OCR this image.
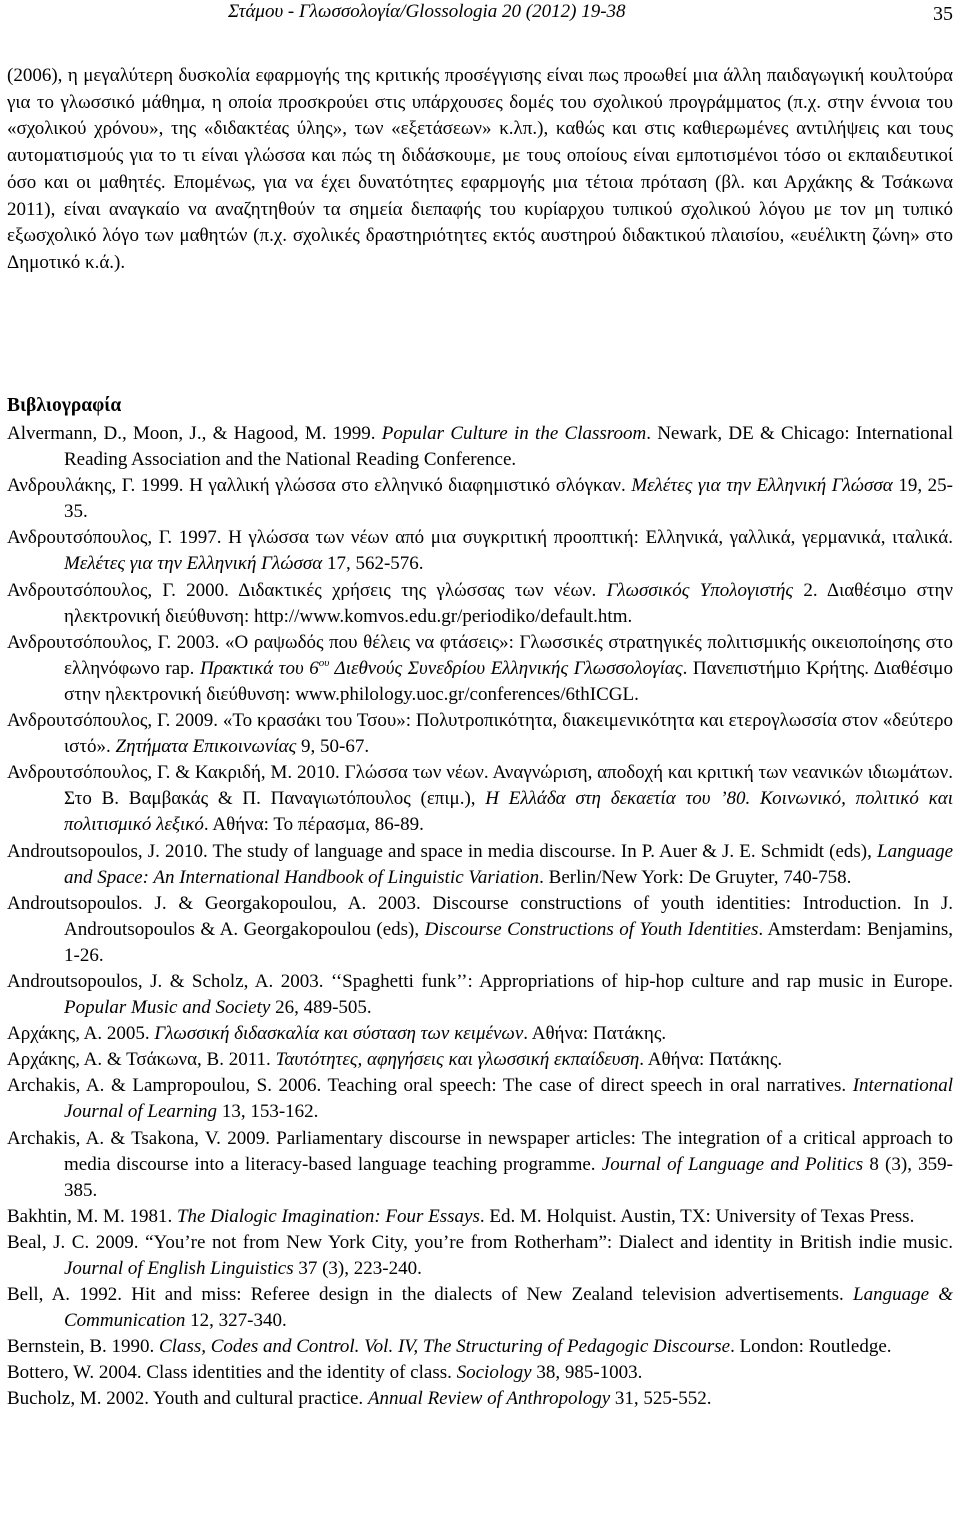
Στάμου - Γλωσσολογία/Glossologia 20 (2012) 19-38	35

(2006), η μεγαλύτερη δυσκολία εφαρμογής της κριτικής προσέγγισης είναι πως προωθεί μια άλλη παιδαγωγική κουλτούρα για το γλωσσικό μάθημα, η οποία προσκρούει στις υπάρχουσες δομές του σχολικού προγράμματος (π.χ. στην έννοια του «σχολικού χρόνου», της «διδακτέας ύλης», των «εξετάσεων» κ.λπ.), καθώς και στις καθιερωμένες αντιλήψεις και τους αυτοματισμούς για το τι είναι γλώσσα και πώς τη διδάσκουμε, με τους οποίους είναι εμποτισμένοι τόσο οι εκπαιδευτικοί όσο και οι μαθητές. Επομένως, για να έχει δυνατότητες εφαρμογής μια τέτοια πρόταση (βλ. και Αρχάκης & Τσάκωνα 2011), είναι αναγκαίο να αναζητηθούν τα σημεία διεπαφής του κυρίαρχου τυπικού σχολικού λόγου με τον μη τυπικό εξωσχολικό λόγο των μαθητών (π.χ. σχολικές δραστηριότητες εκτός αυστηρού διδακτικού πλαισίου, «ευέλικτη ζώνη» στο Δημοτικό κ.ά.).

Βιβλιογραφία

Alvermann, D., Moon, J., & Hagood, M. 1999. Popular Culture in the Classroom. Newark, DE & Chicago: International Reading Association and the National Reading Conference.

Ανδρουλάκης, Γ. 1999. Η γαλλική γλώσσα στο ελληνικό διαφημιστικό σλόγκαν. Μελέτες για την Ελληνική Γλώσσα 19, 25-35.

Ανδρουτσόπουλος, Γ. 1997. Η γλώσσα των νέων από μια συγκριτική προοπτική: Ελληνικά, γαλλικά, γερμανικά, ιταλικά. Μελέτες για την Ελληνική Γλώσσα 17, 562-576.

Ανδρουτσόπουλος, Γ. 2000. Διδακτικές χρήσεις της γλώσσας των νέων. Γλωσσικός Υπολογιστής 2. Διαθέσιμο στην ηλεκτρονική διεύθυνση: http://www.komvos.edu.gr/periodiko/default.htm.

Ανδρουτσόπουλος, Γ. 2003. «Ο ραψωδός που θέλεις να φτάσεις»: Γλωσσικές στρατηγικές πολιτισμικής οικειοποίησης στο ελληνόφωνο rap. Πρακτικά του $6^{o\upsilon}$ Διεθνούς Συνεδρίου Ελληνικής Γλωσσολογίας. Πανεπιστήμιο Κρήτης. Διαθέσιμο στην ηλεκτρονική διεύθυνση: www.philology.uoc.gr/conferences/6thICGL.

Ανδρουτσόπουλος, Γ. 2009. «Το κρασάκι του Τσου»: Πολυτροπικότητα, διακειμενικότητα και ετερογλωσσία στον «δεύτερο ιστό». Ζητήματα Επικοινωνίας 9, 50-67.

Ανδρουτσόπουλος, Γ. & Κακριδή, Μ. 2010. Γλώσσα των νέων. Αναγνώριση, αποδοχή και κριτική των νεανικών ιδιωμάτων. Στο Β. Βαμβακάς & Π. Παναγιωτόπουλος (επιμ.), Η Ελλάδα στη δεκαετία του ’80. Κοινωνικό, πολιτικό και πολιτισμικό λεξικό. Αθήνα: Το πέρασμα, 86-89.

Androutsopoulos, J. 2010. The study of language and space in media discourse. In P. Auer & J. E. Schmidt (eds), Language and Space: An International Handbook of Linguistic Variation. Berlin/New York: De Gruyter, 740-758.

Androutsopoulos. J. & Georgakopoulou, A. 2003. Discourse constructions of youth identities: Introduction. In J. Androutsopoulos & A. Georgakopoulou (eds), Discourse Constructions of Youth Identities. Amsterdam: Benjamins, 1-26.

Androutsopoulos, J. & Scholz, A. 2003. ‘‘Spaghetti funk’’: Appropriations of hip-hop culture and rap music in Europe. Popular Music and Society 26, 489-505.

Αρχάκης, Α. 2005. Γλωσσική διδασκαλία και σύσταση των κειμένων. Αθήνα: Πατάκης.

Αρχάκης, Α. & Τσάκωνα, Β. 2011. Ταυτότητες, αφηγήσεις και γλωσσική εκπαίδευση. Αθήνα: Πατάκης.

Archakis, A. & Lampropoulou, S. 2006. Teaching oral speech: The case of direct speech in oral narratives. International Journal of Learning 13, 153-162.

Archakis, A. & Tsakona, V. 2009. Parliamentary discourse in newspaper articles: The integration of a critical approach to media discourse into a literacy-based language teaching programme. Journal of Language and Politics 8 (3), 359-385.

Bakhtin, M. M. 1981. The Dialogic Imagination: Four Essays. Ed. M. Holquist. Austin, TX: University of Texas Press.

Beal, J. C. 2009. “You’re not from New York City, you’re from Rotherham”: Dialect and identity in British indie music. Journal of English Linguistics 37 (3), 223-240.

Bell, A. 1992. Hit and miss: Referee design in the dialects of New Zealand television advertisements. Language & Communication 12, 327-340.

Bernstein, B. 1990. Class, Codes and Control. Vol. IV, The Structuring of Pedagogic Discourse. London: Routledge.

Bottero, W. 2004. Class identities and the identity of class. Sociology 38, 985-1003.

Bucholz, M. 2002. Youth and cultural practice. Annual Review of Anthropology 31, 525-552.
